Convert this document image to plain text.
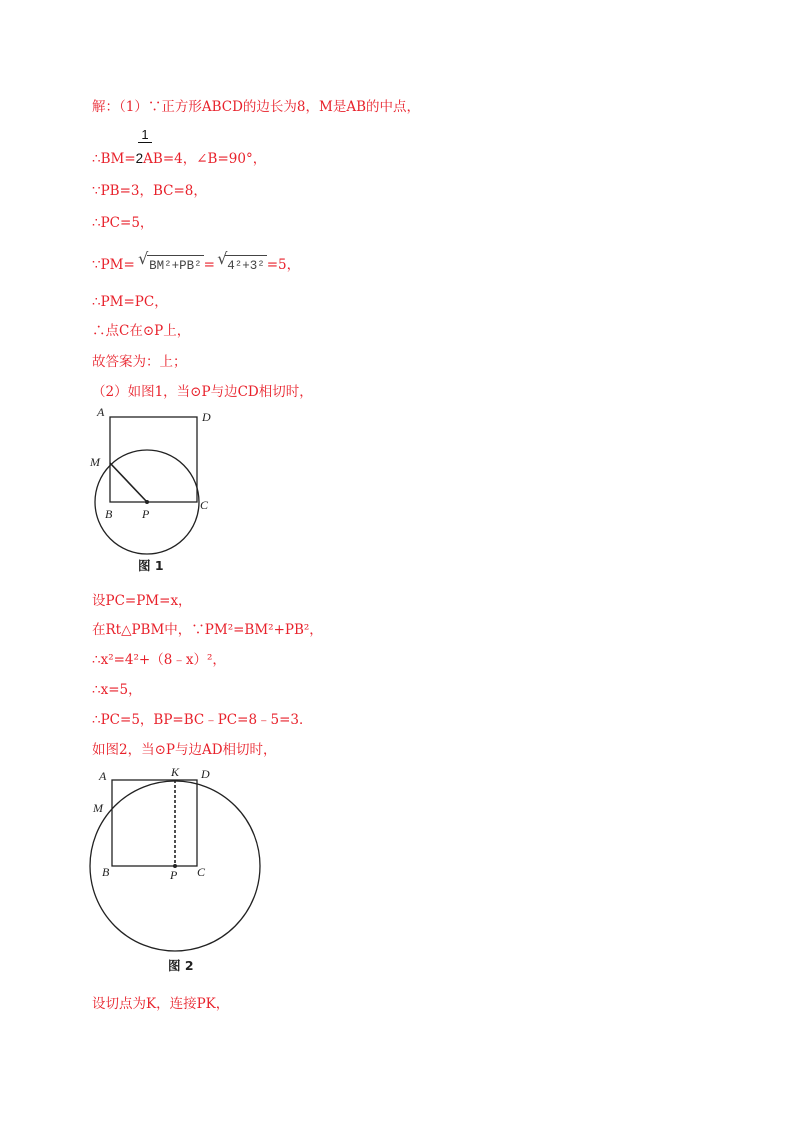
解：（1）∵正方形ABCD的边长为8，M是AB的中点，
1
∴BM=2AB=4，∠B=90°，
∵PB=3，BC=8，
∴PC=5，
∵PM= √ BM²+PB² = √ 4²+3² =5，
∴PM=PC，
∴点C在⊙P上，
故答案为：上；
（2）如图1，当⊙P与边CD相切时，
A	D
M
B P
C
图 1
设PC=PM=x，
在Rt△PBM中，∵PM²=BM²+PB²，
∴x²=4²+（8﹣x）²，
∴x=5，
∴PC=5，BP=BC﹣PC=8﹣5=3．
如图2，当⊙P与边AD相切时，
A	K D
M
B	P C
图 2
设切点为K，连接PK，
